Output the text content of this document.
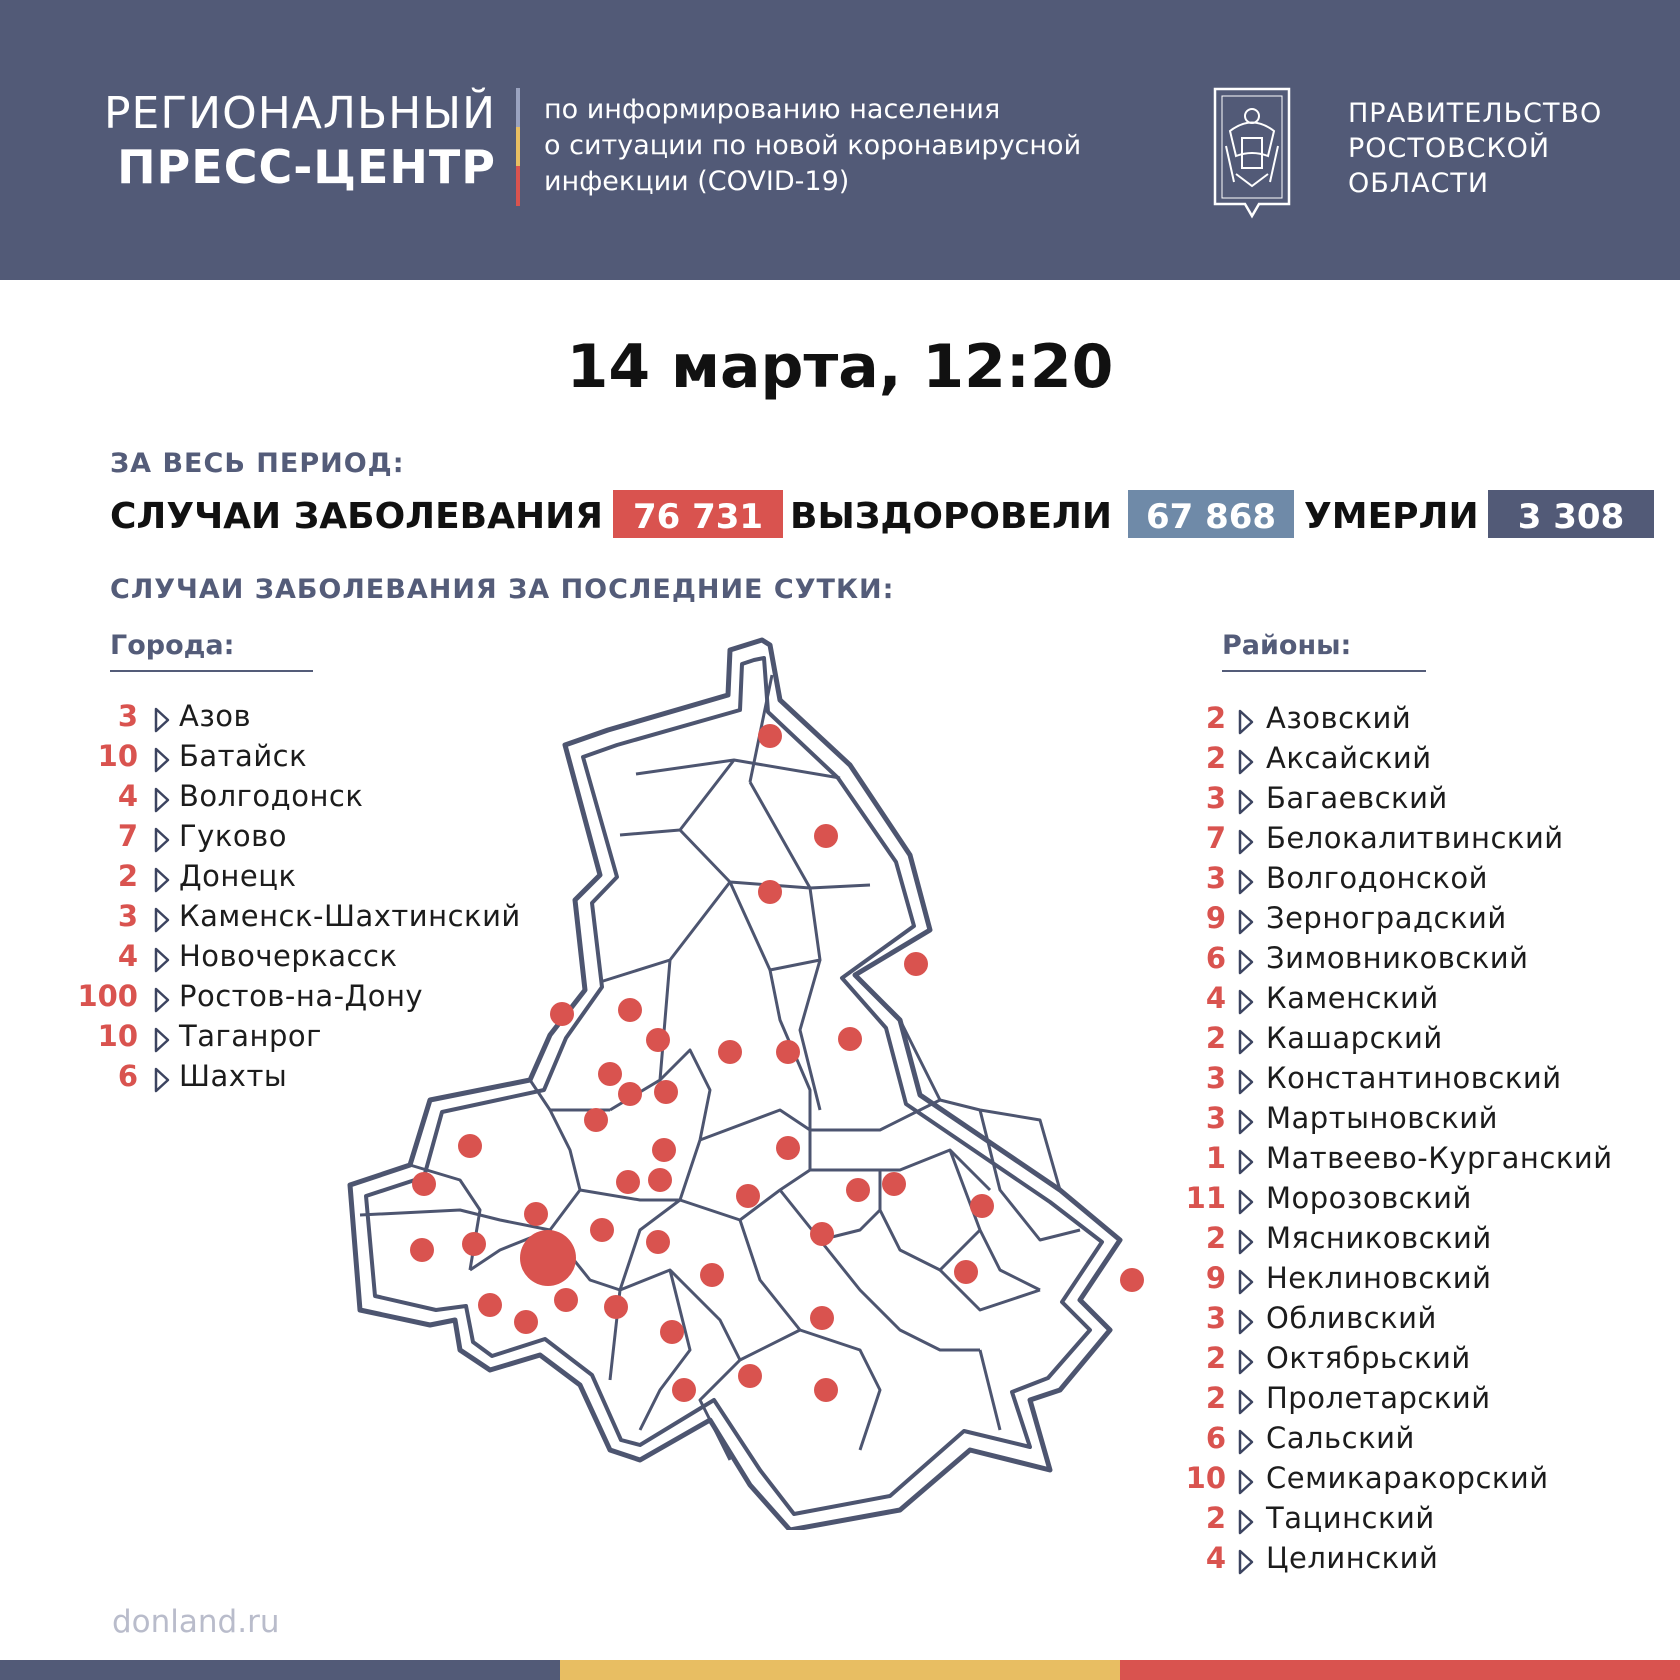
РЕГИОНАЛЬНЫЙ
ПРЕСС-ЦЕНТР
по информированию населения
о ситуации по новой коронавирусной
инфекции (COVID-19)
ПРАВИТЕЛЬСТВО
РОСТОВСКОЙ
ОБЛАСТИ
14 марта, 12:20
ЗА ВЕСЬ ПЕРИОД:
СЛУЧАИ ЗАБОЛЕВАНИЯ 76 731 ВЫЗДОРОВЕЛИ 67 868 УМЕРЛИ	3 308
СЛУЧАИ ЗАБОЛЕВАНИЯ ЗА ПОСЛЕДНИЕ СУТКИ:
Города:	Районы:
3 Азов
10 Батайск
4 Волгодонск
7 Гуково
2 Донецк
3 Каменск-Шахтинский
4 Новочеркасск
100 Ростов-на-Дону
10 Таганрог
6 Шахты
2 Азовский
2 Аксайский
3 Багаевский
7 Белокалитвинский
3 Волгодонской
9 Зерноградский
6 Зимовниковский
4 Каменский
2 Кашарский
3 Константиновский
3 Мартыновский
1 Матвеево-Курганский
11 Морозовский
2 Мясниковский
9 Неклиновский
3 Обливский
2 Октябрьский
2 Пролетарский
6 Сальский
10 Семикаракорский
2 Тацинский
4 Целинский
donland.ru
